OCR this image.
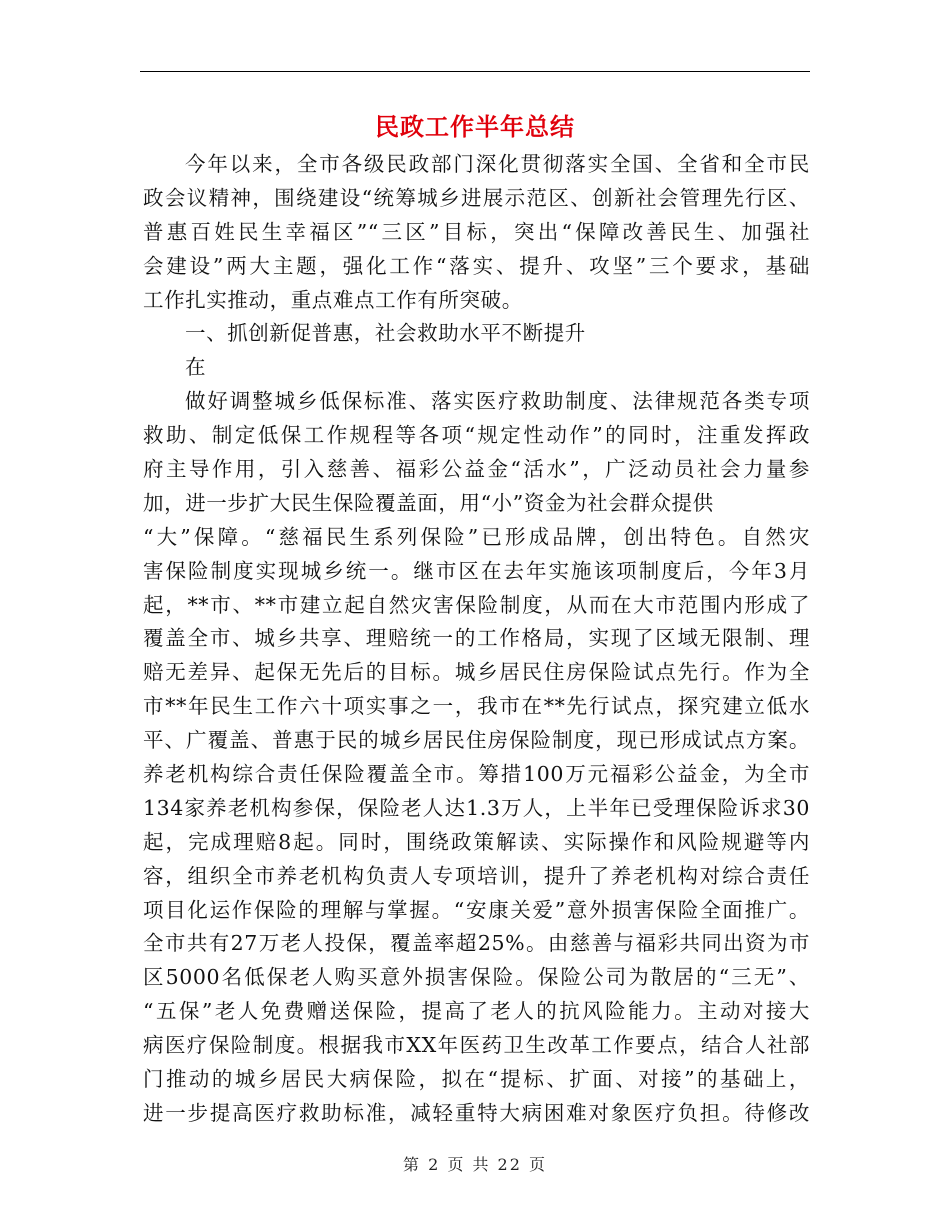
民政工作半年总结
今年以来，全市各级民政部门深化贯彻落实全国、全省和全市民
政会议精神，围绕建设“统筹城乡进展示范区、创新社会管理先行区、
普惠百姓民生幸福区”“三区”目标，突出“保障改善民生、加强社
会建设”两大主题，强化工作“落实、提升、攻坚”三个要求，基础
工作扎实推动，重点难点工作有所突破。
一、抓创新促普惠，社会救助水平不断提升
在
做好调整城乡低保标准、落实医疗救助制度、法律规范各类专项
救助、制定低保工作规程等各项“规定性动作”的同时，注重发挥政
府主导作用，引入慈善、福彩公益金“活水”，广泛动员社会力量参
加，进一步扩大民生保险覆盖面，用“小”资金为社会群众提供
“大”保障。“慈福民生系列保险”已形成品牌，创出特色。自然灾
害保险制度实现城乡统一。继市区在去年实施该项制度后，今年3月
起，**市、**市建立起自然灾害保险制度，从而在大市范围内形成了
覆盖全市、城乡共享、理赔统一的工作格局，实现了区域无限制、理
赔无差异、起保无先后的目标。城乡居民住房保险试点先行。作为全
市**年民生工作六十项实事之一，我市在**先行试点，探究建立低水
平、广覆盖、普惠于民的城乡居民住房保险制度，现已形成试点方案。
养老机构综合责任保险覆盖全市。筹措100万元福彩公益金，为全市
134家养老机构参保，保险老人达1.3万人，上半年已受理保险诉求30
起，完成理赔8起。同时，围绕政策解读、实际操作和风险规避等内
容，组织全市养老机构负责人专项培训，提升了养老机构对综合责任
项目化运作保险的理解与掌握。“安康关爱”意外损害保险全面推广。
全市共有27万老人投保，覆盖率超25%。由慈善与福彩共同出资为市
区5000名低保老人购买意外损害保险。保险公司为散居的“三无”、
“五保”老人免费赠送保险，提高了老人的抗风险能力。主动对接大
病医疗保险制度。根据我市XX年医药卫生改革工作要点，结合人社部
门推动的城乡居民大病保险，拟在“提标、扩面、对接”的基础上，
进一步提高医疗救助标准，减轻重特大病困难对象医疗负担。待修改
第 2 页 共 22 页
